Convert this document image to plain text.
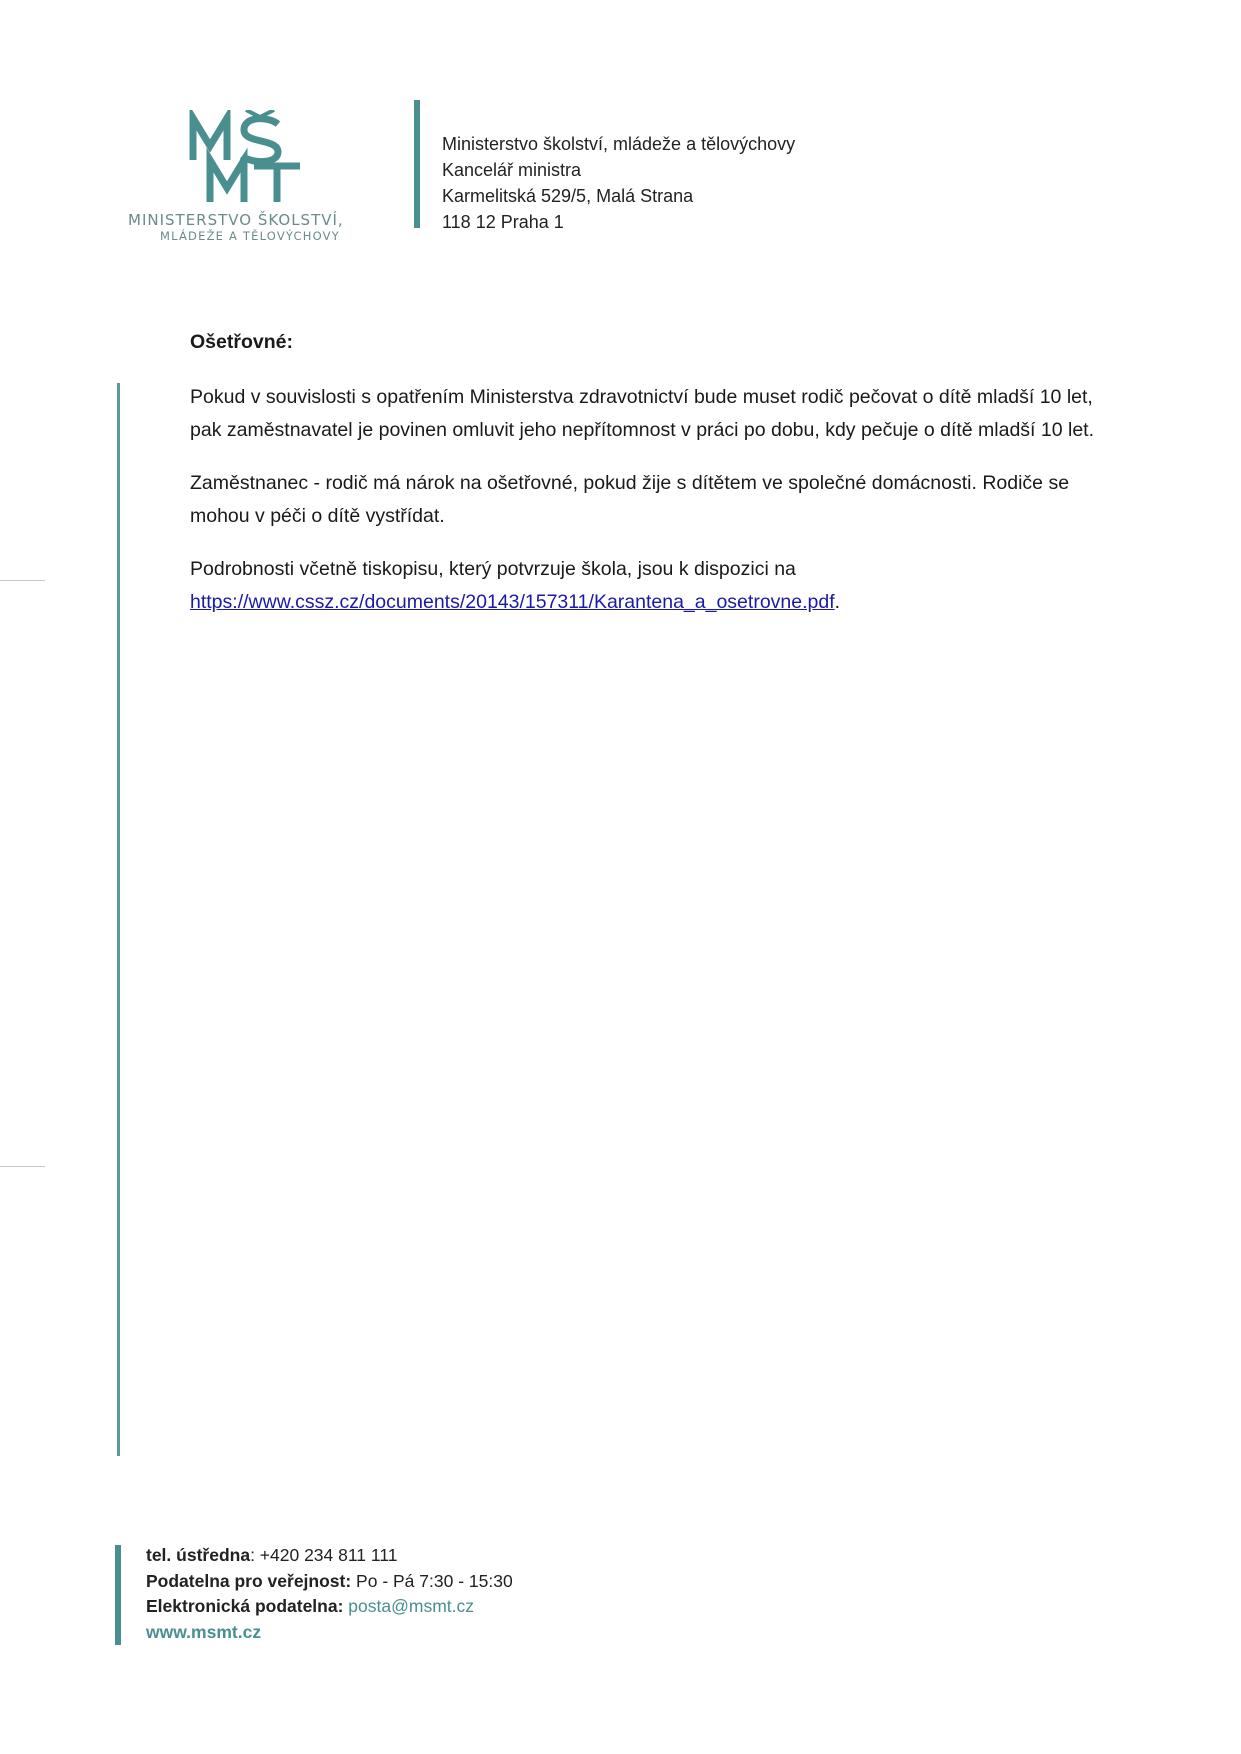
MINISTERSTVO ŠKOLSTVÍ,
MLÁDEŽE A TĚLOVÝCHOVY
Ministerstvo školství, mládeže a tělovýchovy
Kancelář ministra
Karmelitská 529/5, Malá Strana
118 12 Praha 1
Ošetřovné:
Pokud v souvislosti s opatřením Ministerstva zdravotnictví bude muset rodič pečovat o dítě mladší 10 let, pak zaměstnavatel je povinen omluvit jeho nepřítomnost v práci po dobu, kdy pečuje o dítě mladší 10 let.
Zaměstnanec - rodič má nárok na ošetřovné, pokud žije s dítětem ve společné domácnosti. Rodiče se mohou v péči o dítě vystřídat.
Podrobnosti včetně tiskopisu, který potvrzuje škola, jsou k dispozici na
https://www.cssz.cz/documents/20143/157311/Karantena_a_osetrovne.pdf.
tel. ústředna: +420 234 811 111
Podatelna pro veřejnost: Po - Pá 7:30 - 15:30
Elektronická podatelna: posta@msmt.cz
www.msmt.cz
